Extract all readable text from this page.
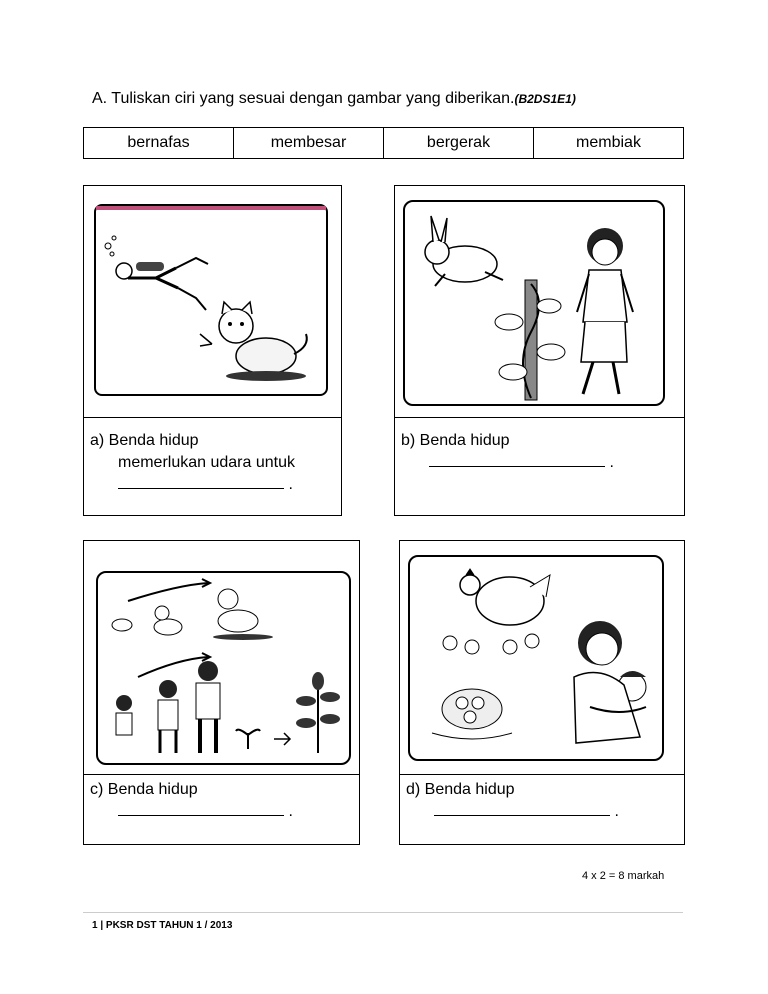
A. Tuliskan ciri yang sesuai dengan gambar yang diberikan.(B2DS1E1)
bernafas	membesar	bergerak	membiak
a) Benda hidup
memerlukan udara untuk
.
b) Benda hidup
.
c) Benda hidup
.
d) Benda hidup
.
4 x 2 = 8 markah
1 | PKSR DST TAHUN 1 / 2013
